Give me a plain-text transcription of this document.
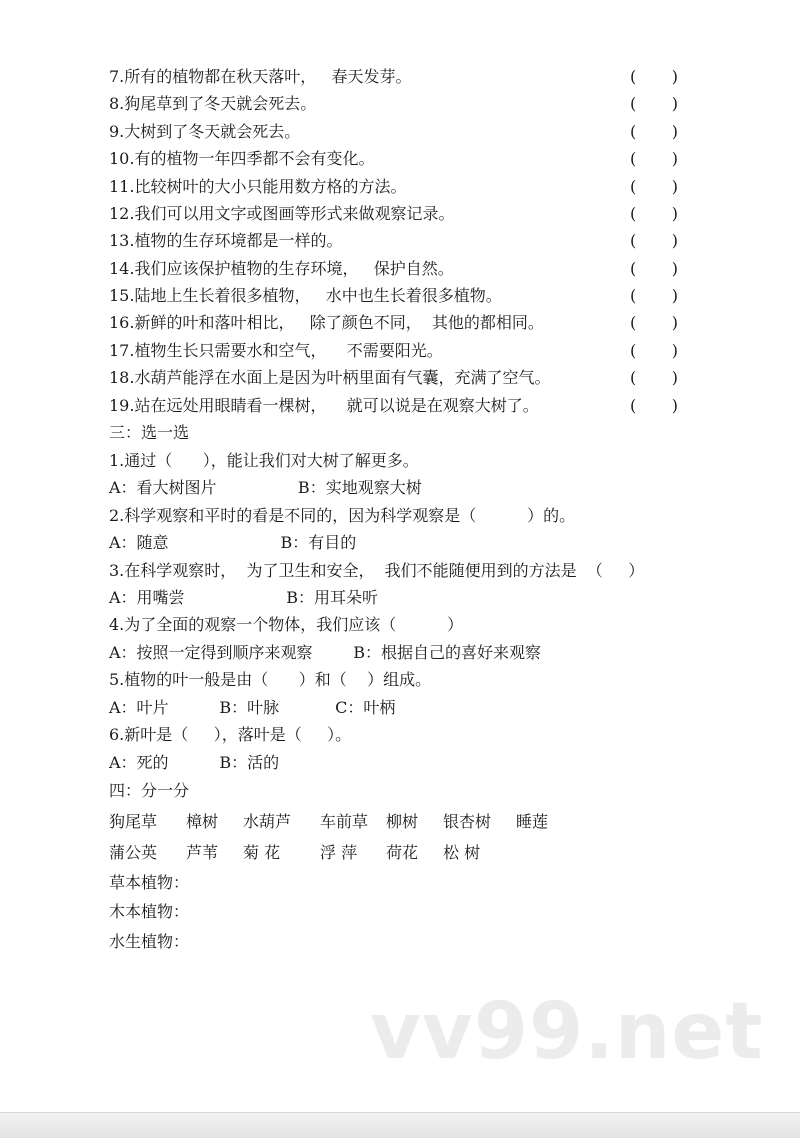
7.所有的植物都在秋天落叶，   春天发芽。	( )
8.狗尾草到了冬天就会死去。	( )
9.大树到了冬天就会死去。	( )
10.有的植物一年四季都不会有变化。	( )
11.比较树叶的大小只能用数方格的方法。	( )
12.我们可以用文字或图画等形式来做观察记录。	( )
13.植物的生存环境都是一样的。	( )
14.我们应该保护植物的生存环境，   保护自然。	( )
15.陆地上生长着很多植物，   水中也生长着很多植物。	( )
16.新鲜的叶和落叶相比，   除了颜色不同，  其他的都相同。	( )
17.植物生长只需要水和空气，    不需要阳光。	( )
18.水葫芦能浮在水面上是因为叶柄里面有气囊，充满了空气。	( )
19.站在远处用眼睛看一棵树，    就可以说是在观察大树了。	( )
三：选一选
1.通过（      ），能让我们对大树了解更多。
A：看大树图片                B：实地观察大树
2.科学观察和平时的看是不同的，因为科学观察是（          ）的。
A：随意                      B：有目的
3.在科学观察时，  为了卫生和安全，  我们不能随便用到的方法是  （     ）
A：用嘴尝                    B：用耳朵听
4.为了全面的观察一个物体，我们应该（          ）
A：按照一定得到顺序来观察        B：根据自己的喜好来观察
5.植物的叶一般是由（      ）和（    ）组成。
A：叶片          B：叶脉           C：叶柄
6.新叶是（     ），落叶是（     ）。
A：死的          B：活的
四：分一分
狗尾草	樟树	水葫芦	车前草	柳树	银杏树	睡莲
蒲公英	芦苇	菊 花	浮 萍	荷花	松 树
草本植物：
木本植物：
水生植物：
vv99.net
